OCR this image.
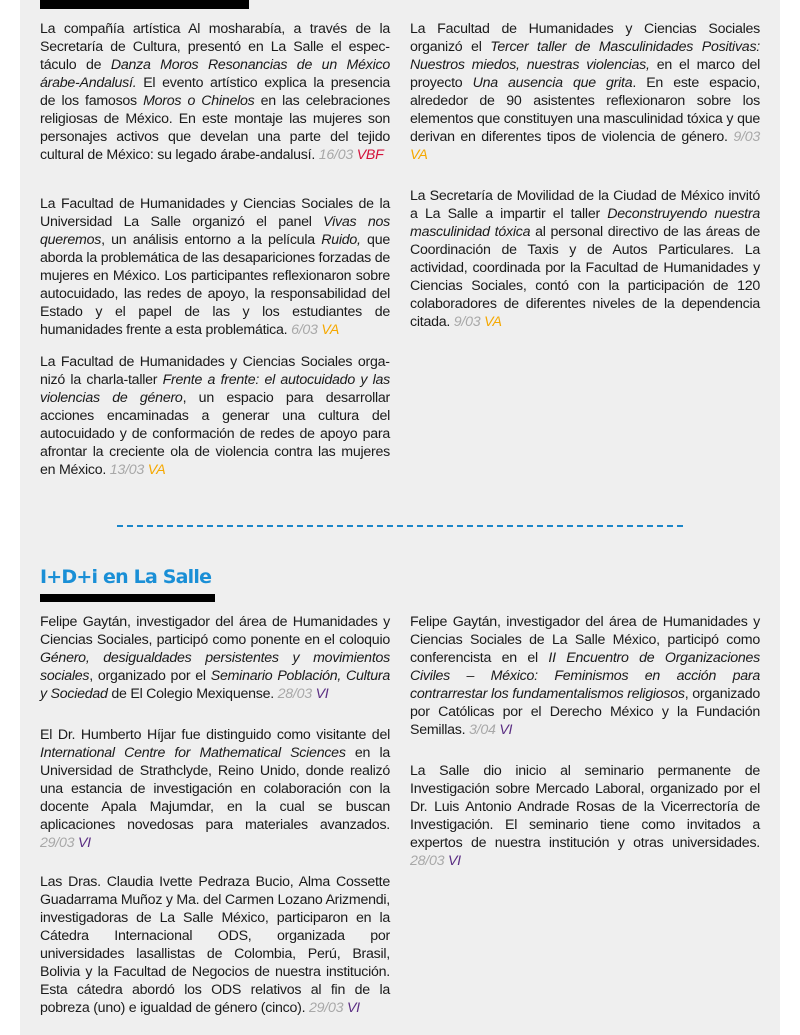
La compañía artística Al mosharabía, a través de la Secretaría de Cultura, presentó en La Salle el espectáculo de Danza Moros Resonancias de un México árabe-Andalusí. El evento artístico explica la presencia de los famosos Moros o Chinelos en las celebraciones religiosas de México. En este montaje las mujeres son personajes activos que develan una parte del tejido cultural de México: su legado árabe-andalusí. 16/03 VBF
La Facultad de Humanidades y Ciencias Sociales de la Universidad La Salle organizó el panel Vivas nos queremos, un análisis entorno a la película Ruido, que aborda la problemática de las desapariciones forzadas de mujeres en México. Los participantes reflexionaron sobre autocuidado, las redes de apoyo, la responsabilidad del Estado y el papel de las y los estudiantes de humanidades frente a esta problemática. 6/03 VA
La Facultad de Humanidades y Ciencias Sociales organizó la charla-taller Frente a frente: el autocuidado y las violencias de género, un espacio para desarrollar acciones encaminadas a generar una cultura del autocuidado y de conformación de redes de apoyo para afrontar la creciente ola de violencia contra las mujeres en México. 13/03 VA
La Facultad de Humanidades y Ciencias Sociales organizó el Tercer taller de Masculinidades Positivas: Nuestros miedos, nuestras violencias, en el marco del proyecto Una ausencia que grita. En este espacio, alrededor de 90 asistentes reflexionaron sobre los elementos que constituyen una masculinidad tóxica y que derivan en diferentes tipos de violencia de género. 9/03 VA
La Secretaría de Movilidad de la Ciudad de México invitó a La Salle a impartir el taller Deconstruyendo nuestra masculinidad tóxica al personal directivo de las áreas de Coordinación de Taxis y de Autos Particulares. La actividad, coordinada por la Facultad de Humanidades y Ciencias Sociales, contó con la participación de 120 colaboradores de diferentes niveles de la dependencia citada. 9/03 VA
I+D+i en La Salle
Felipe Gaytán, investigador del área de Humanidades y Ciencias Sociales, participó como ponente en el coloquio Género, desigualdades persistentes y movimientos sociales, organizado por el Seminario Población, Cultura y Sociedad de El Colegio Mexiquense. 28/03 VI
El Dr. Humberto Híjar fue distinguido como visitante del International Centre for Mathematical Sciences en la Universidad de Strathclyde, Reino Unido, donde realizó una estancia de investigación en colaboración con la docente Apala Majumdar, en la cual se buscan aplicaciones novedosas para materiales avanzados. 29/03 VI
Las Dras. Claudia Ivette Pedraza Bucio, Alma Cossette Guadarrama Muñoz y Ma. del Carmen Lozano Arizmendi, investigadoras de La Salle México, participaron en la Cátedra Internacional ODS, organizada por universidades lasallistas de Colombia, Perú, Brasil, Bolivia y la Facultad de Negocios de nuestra institución. Esta cátedra abordó los ODS relativos al fin de la pobreza (uno) e igualdad de género (cinco). 29/03 VI
Felipe Gaytán, investigador del área de Humanidades y Ciencias Sociales de La Salle México, participó como conferencista en el II Encuentro de Organizaciones Civiles – México: Feminismos en acción para contrarrestar los fundamentalismos religiosos, organizado por Católicas por el Derecho México y la Fundación Semillas. 3/04 VI
La Salle dio inicio al seminario permanente de Investigación sobre Mercado Laboral, organizado por el Dr. Luis Antonio Andrade Rosas de la Vicerrectoría de Investigación. El seminario tiene como invitados a expertos de nuestra institución y otras universidades. 28/03 VI
